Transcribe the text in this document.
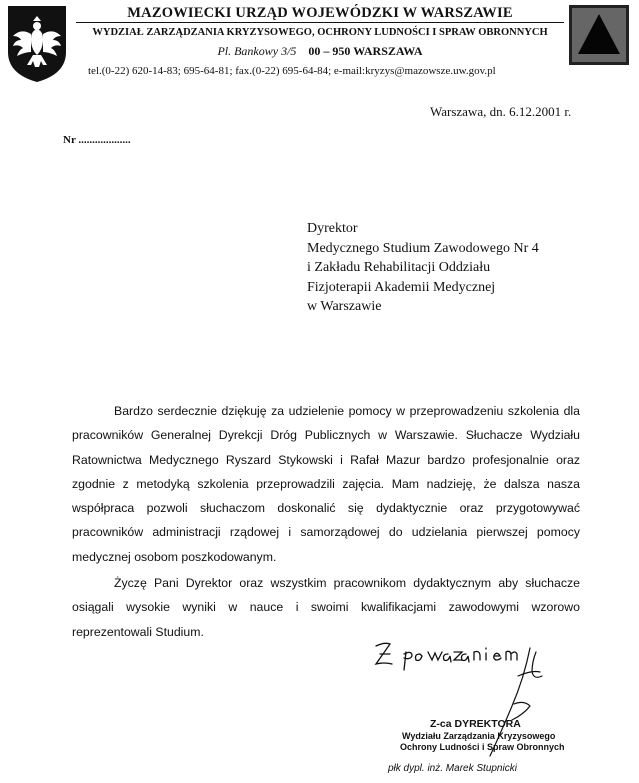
MAZOWIECKI URZĄD WOJEWÓDZKI W WARSZAWIE
WYDZIAŁ ZARZĄDZANIA KRYZYSOWEGO, OCHRONY LUDNOŚCI I SPRAW OBRONNYCH
Pl. Bankowy 3/5 00 – 950 WARSZAWA
tel.(0-22) 620-14-83; 695-64-81; fax.(0-22) 695-64-84; e-mail:kryzys@mazowsze.uw.gov.pl
Warszawa, dn. 6.12.2001 r.
Nr ...................
Dyrektor
Medycznego Studium Zawodowego Nr 4
i Zakładu Rehabilitacji Oddziału
Fizjoterapii Akademii Medycznej
w Warszawie

Bardzo serdecznie dziękuję za udzielenie pomocy w przeprowadzeniu szkolenia dla pracowników Generalnej Dyrekcji Dróg Publicznych w Warszawie. Słuchacze Wydziału Ratownictwa Medycznego Ryszard Stykowski i Rafał Mazur bardzo profesjonalnie oraz zgodnie z metodyką szkolenia przeprowadzili zajęcia. Mam nadzieję, że dalsza nasza współpraca pozwoli słuchaczom doskonalić się dydaktycznie oraz przygotowywać pracowników administracji rządowej i samorządowej do udzielania pierwszej pomocy medycznej osobom poszkodowanym.

Życzę Pani Dyrektor oraz wszystkim pracownikom dydaktycznym aby słuchacze osiągali wysokie wyniki w nauce i swoimi kwalifikacjami zawodowymi wzorowo reprezentowali Studium.

Z-ca DYREKTORA
Wydziału Zarządzania Kryzysowego
Ochrony Ludności i Spraw Obronnych
płk dypl. inż. Marek Stupnicki
